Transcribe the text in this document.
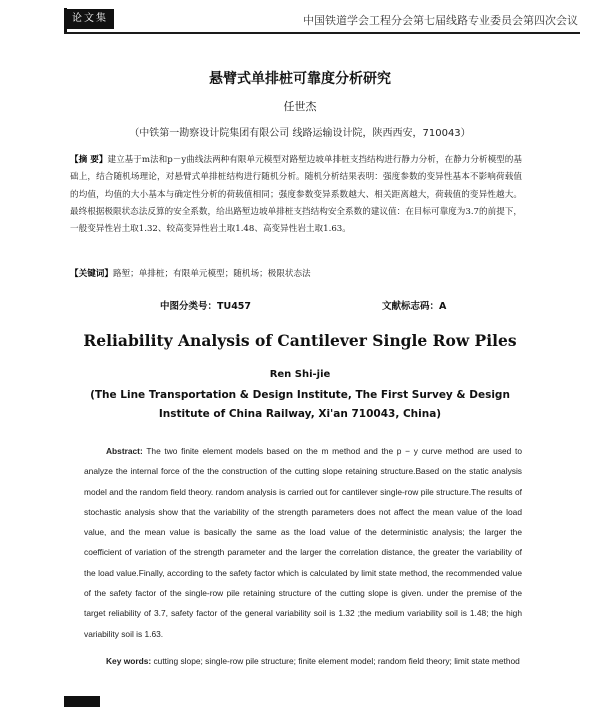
论文集	中国铁道学会工程分会第七届线路专业委员会第四次会议
悬臂式单排桩可靠度分析研究
任世杰
（中铁第一勘察设计院集团有限公司 线路运输设计院，陕西西安，710043）
【摘 要】建立基于m法和p－y曲线法两种有限单元模型对路堑边坡单排桩支挡结构进行静力分析，在静力分析模型的基础上，结合随机场理论，对悬臂式单排桩结构进行随机分析。随机分析结果表明：强度参数的变异性基本不影响荷载值的均值，均值的大小基本与确定性分析的荷载值相同；强度参数变异系数越大、相关距离越大，荷载值的变异性越大。最终根据极限状态法反算的安全系数，给出路堑边坡单排桩支挡结构安全系数的建议值：在目标可靠度为3.7的前提下，一般变异性岩土取1.32、较高变异性岩土取1.48、高变异性岩土取1.63。
【关键词】路堑；单排桩；有限单元模型；随机场；极限状态法
中图分类号：TU457	文献标志码：A
Reliability Analysis of Cantilever Single Row Piles
Ren Shi-jie
(The Line Transportation & Design Institute, The First Survey & Design Institute of China Railway, Xi'an 710043, China)
Abstract: The two finite element models based on the m method and the p − y curve method are used to analyze the internal force of the the construction of the cutting slope retaining structure.Based on the static analysis model and the random field theory. random analysis is carried out for cantilever single-row pile structure.The results of stochastic analysis show that the variability of the strength parameters does not affect the mean value of the load value, and the mean value is basically the same as the load value of the deterministic analysis; the larger the coefficient of variation of the strength parameter and the larger the correlation distance, the greater the variability of the load value.Finally, according to the safety factor which is calculated by limit state method, the recommended value of the safety factor of the single-row pile retaining structure of the cutting slope is given. under the premise of the target reliability of 3.7, safety factor of the general variability soil is 1.32 ;the medium variability soil is 1.48; the high variability soil is 1.63.
Key words: cutting slope; single-row pile structure; finite element model; random field theory; limit state method
